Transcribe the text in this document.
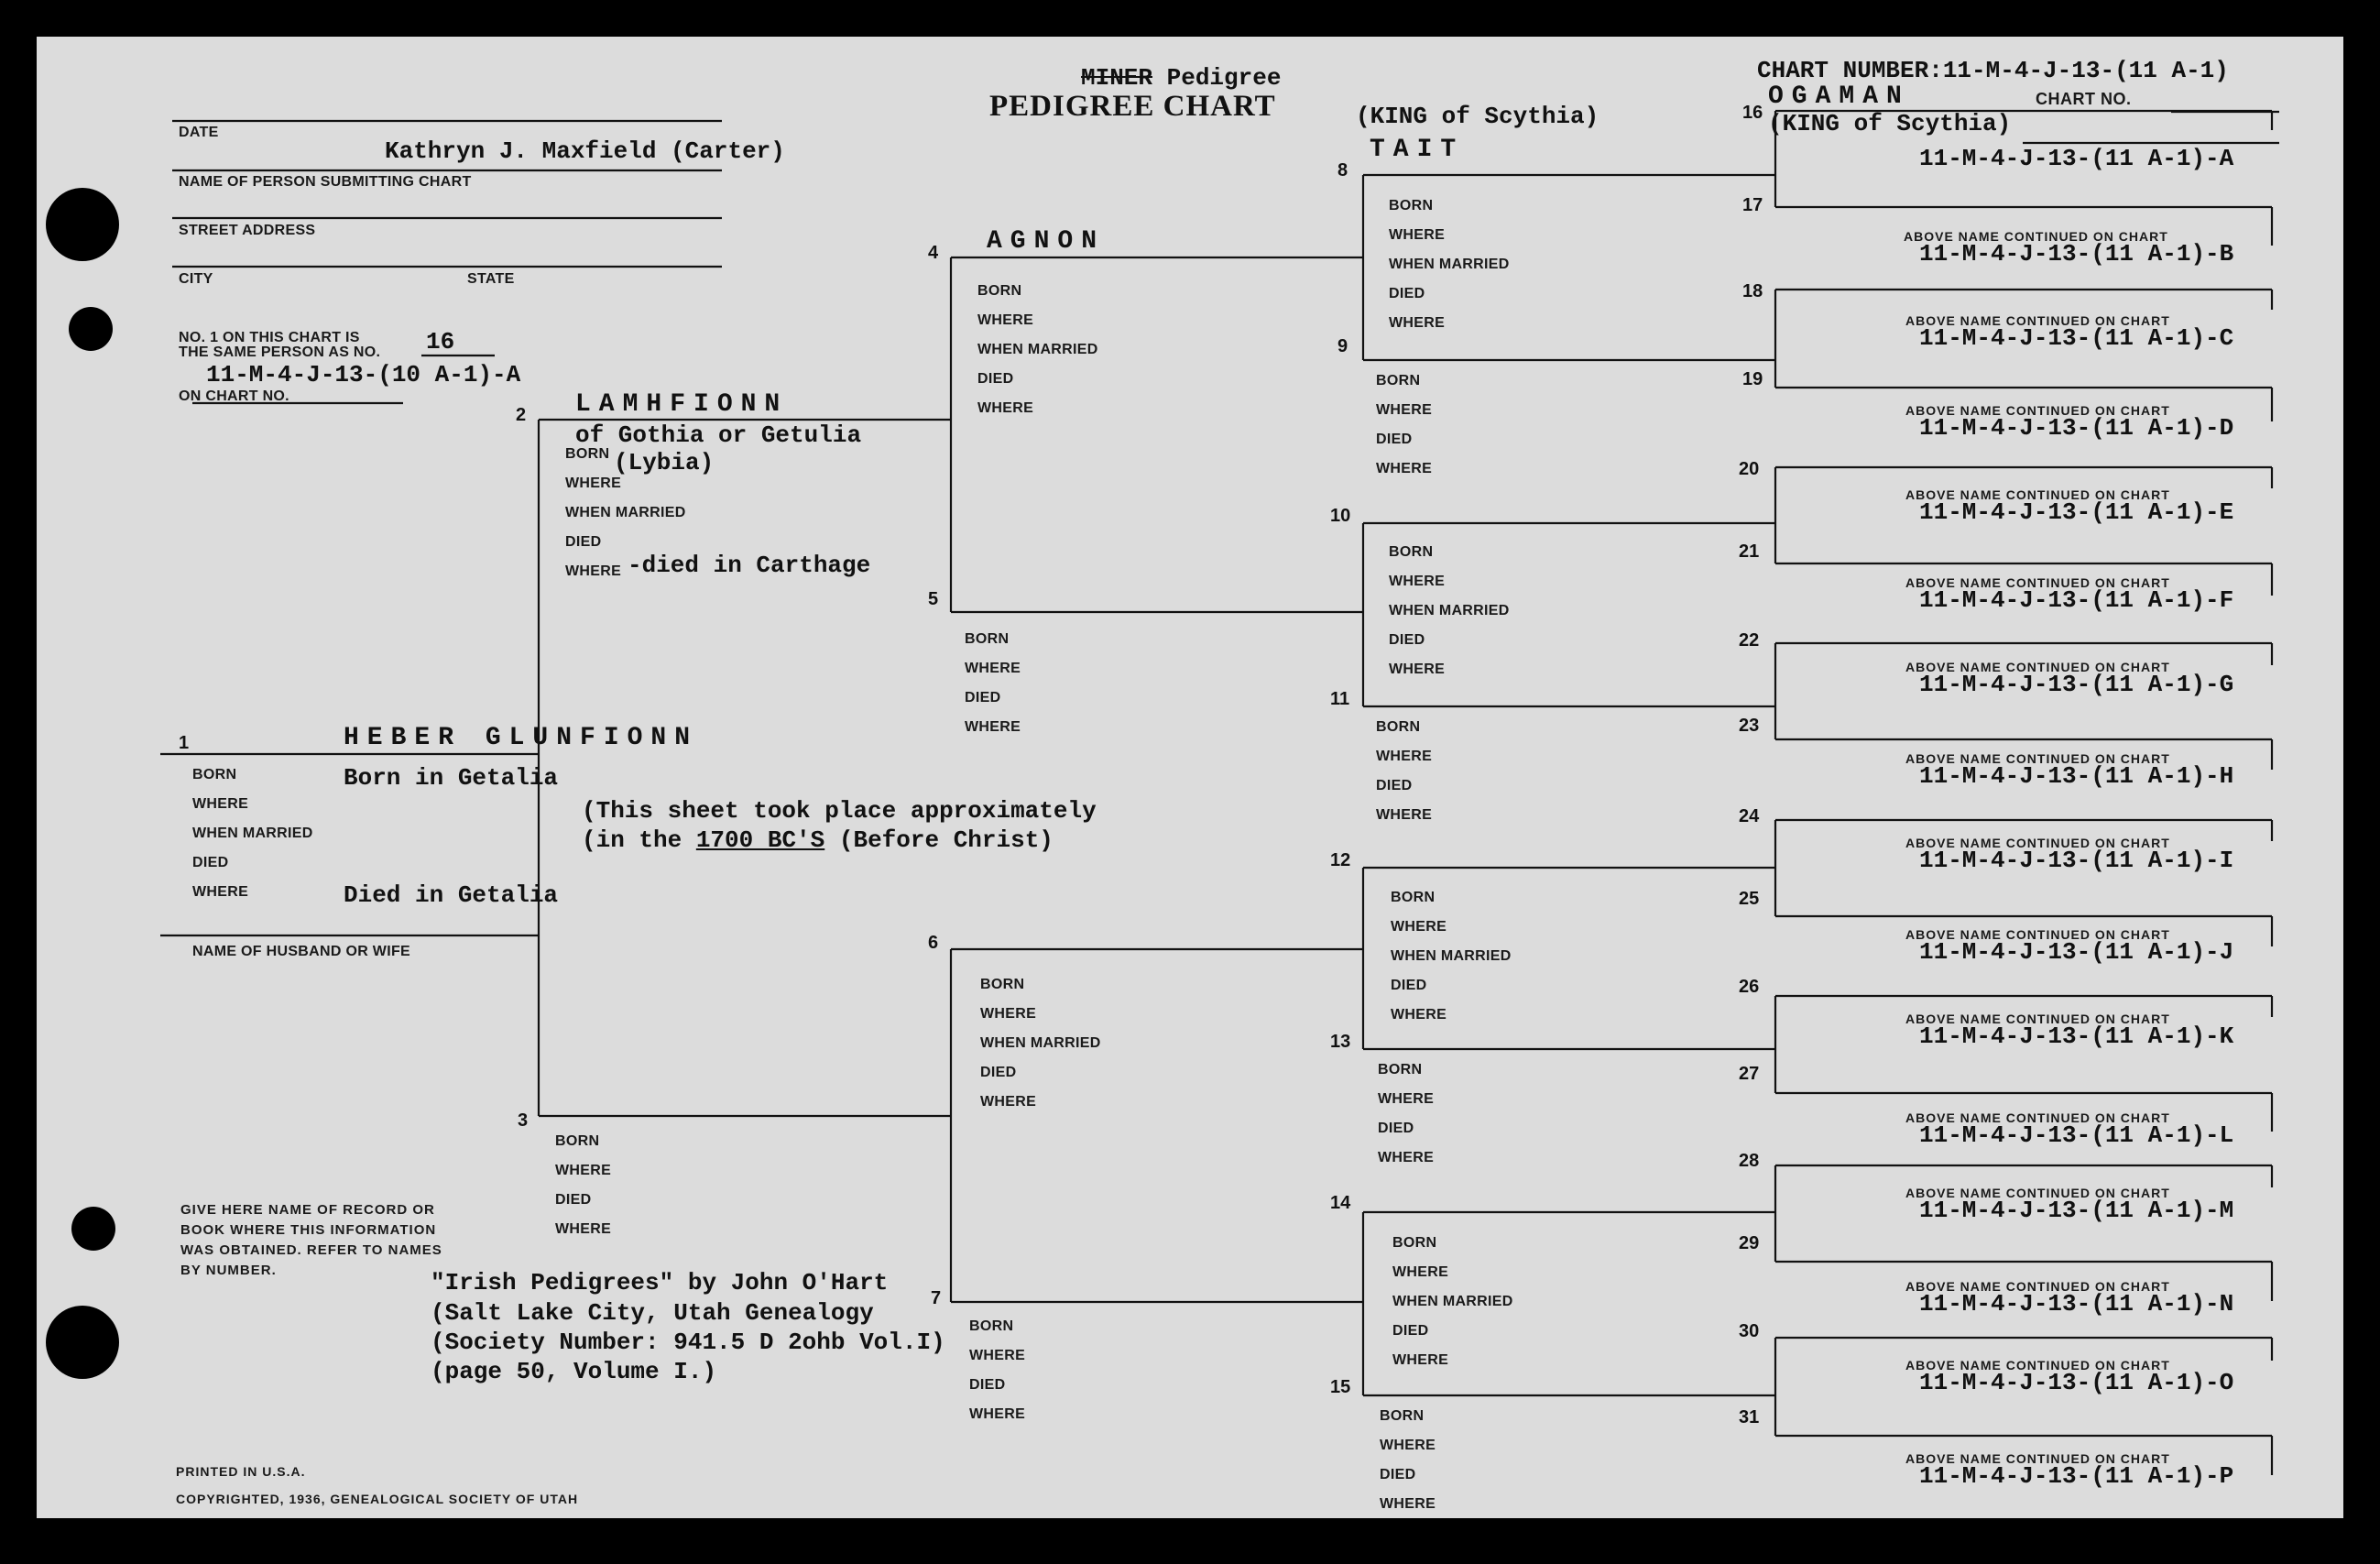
MINER Pedigree
PEDIGREE CHART
CHART NUMBER:11-M-4-J-13-(11 A-1)
CHART NO.
DATE
Kathryn J. Maxfield (Carter)
NAME OF PERSON SUBMITTING CHART
STREET ADDRESS
CITY	STATE
NO. 1 ON THIS CHART IS
THE SAME PERSON AS NO. 16
11-M-4-J-13-(10 A-1)-A
ON CHART NO.
1	HEBER GLUNFIONN
BORN
WHERE
WHEN MARRIED
DIED
WHERE
Born in Getalia
Died in Getalia
NAME OF HUSBAND OR WIFE
GIVE HERE NAME OF RECORD OR BOOK WHERE THIS INFORMATION WAS OBTAINED. REFER TO NAMES BY NUMBER.	"Irish Pedigrees" by John O'Hart
(Salt Lake City, Utah Genealogy
(Society Number: 941.5 D 2ohb Vol.I)
(page 50, Volume I.)
(This sheet took place approximately
(in the 1700 BC'S (Before Christ)
PRINTED IN U.S.A.
COPYRIGHTED, 1936, GENEALOGICAL SOCIETY OF UTAH
2 LAMHFIONN
of Gothia or Getulia
(Lybia)
BORN
WHERE
WHEN MARRIED
DIED
WHERE -died in Carthage
3
BORN
WHERE
DIED
WHERE
4 AGNON
BORN
WHERE
WHEN MARRIED
DIED
WHERE
5
BORN
WHERE
DIED
WHERE
6
BORN
WHERE
WHEN MARRIED
DIED
WHERE
7
BORN
WHERE
DIED
WHERE
(KING of Scythia)
TAIT
8
BORN
WHERE
WHEN MARRIED
DIED
WHERE
9
BORN
WHERE
DIED
WHERE
10
BORN
WHERE
WHEN MARRIED
DIED
WHERE
11
BORN
WHERE
DIED
WHERE
12
BORN
WHERE
WHEN MARRIED
DIED
WHERE
13
BORN
WHERE
DIED
WHERE
14
BORN
WHERE
WHEN MARRIED
DIED
WHERE
15
BORN
WHERE
DIED
WHERE
16
OGAMAN
(KING of Scythia)
17
18
19
20
21
22
23
24
25
26
27
28
29
30
31
11-M-4-J-13-(11 A-1)-A
ABOVE NAME CONTINUED ON CHART
11-M-4-J-13-(11 A-1)-B
ABOVE NAME CONTINUED ON CHART
11-M-4-J-13-(11 A-1)-C
ABOVE NAME CONTINUED ON CHART
11-M-4-J-13-(11 A-1)-D
ABOVE NAME CONTINUED ON CHART
11-M-4-J-13-(11 A-1)-E
ABOVE NAME CONTINUED ON CHART
11-M-4-J-13-(11 A-1)-F
ABOVE NAME CONTINUED ON CHART
11-M-4-J-13-(11 A-1)-G
ABOVE NAME CONTINUED ON CHART
11-M-4-J-13-(11 A-1)-H
ABOVE NAME CONTINUED ON CHART
11-M-4-J-13-(11 A-1)-I
ABOVE NAME CONTINUED ON CHART
11-M-4-J-13-(11 A-1)-J
ABOVE NAME CONTINUED ON CHART
11-M-4-J-13-(11 A-1)-K
ABOVE NAME CONTINUED ON CHART
11-M-4-J-13-(11 A-1)-L
ABOVE NAME CONTINUED ON CHART
11-M-4-J-13-(11 A-1)-M
ABOVE NAME CONTINUED ON CHART
11-M-4-J-13-(11 A-1)-N
ABOVE NAME CONTINUED ON CHART
11-M-4-J-13-(11 A-1)-O
ABOVE NAME CONTINUED ON CHART
11-M-4-J-13-(11 A-1)-P
